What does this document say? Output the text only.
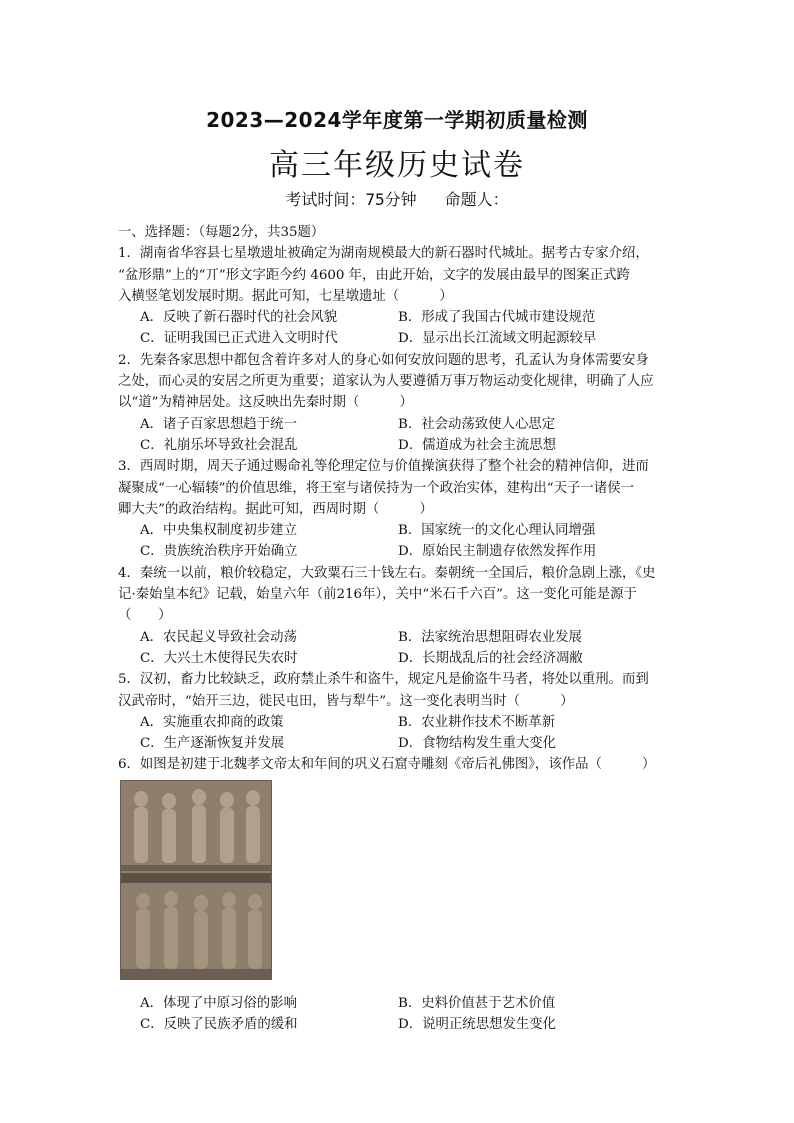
2023—2024学年度第一学期初质量检测
高三年级历史试卷
考试时间：75分钟 命题人：
一、选择题：（每题2分，共35题）
1．湖南省华容县七星墩遗址被确定为湖南规模最大的新石器时代城址。据考古专家介绍，
“盆形鼎”上的“丌”形文字距今约 4600 年，由此开始，文字的发展由最早的图案正式跨
入横竖笔划发展时期。据此可知，七星墩遗址（　　　）
A．反映了新石器时代的社会风貌	B．形成了我国古代城市建设规范
C．证明我国已正式进入文明时代	D．显示出长江流域文明起源较早
2．先秦各家思想中都包含着许多对人的身心如何安放问题的思考，孔孟认为身体需要安身
之处，而心灵的安居之所更为重要；道家认为人要遵循万事万物运动变化规律，明确了人应
以“道”为精神居处。这反映出先秦时期（　　　）
A．诸子百家思想趋于统一	B．社会动荡致使人心思定
C．礼崩乐坏导致社会混乱	D．儒道成为社会主流思想
3．西周时期，周天子通过赐命礼等伦理定位与价值操演获得了整个社会的精神信仰，进而
凝聚成“一心辐辏”的价值思维，将王室与诸侯持为一个政治实体，建构出“天子一诸侯一
卿大夫”的政治结构。据此可知，西周时期（　　　）
A．中央集权制度初步建立	B．国家统一的文化心理认同增强
C．贵族统治秩序开始确立	D．原始民主制遗存依然发挥作用
4．秦统一以前，粮价较稳定，大致粟石三十钱左右。秦朝统一全国后，粮价急剧上涨，《史
记·秦始皇本纪》记载，始皇六年（前216年），关中“米石千六百”。这一变化可能是源于
（　　）
A．农民起义导致社会动荡	B．法家统治思想阻碍农业发展
C．大兴土木使得民失农时	D．长期战乱后的社会经济凋敝
5．汉初，畜力比较缺乏，政府禁止杀牛和盗牛，规定凡是偷盗牛马者，将处以重刑。而到
汉武帝时，“始开三边，徙民屯田，皆与犁牛”。这一变化表明当时（　　　）
A．实施重农抑商的政策	B．农业耕作技术不断革新
C．生产逐渐恢复并发展	D．食物结构发生重大变化
6．如图是初建于北魏孝文帝太和年间的巩义石窟寺雕刻《帝后礼佛图》，该作品（　　　）
A．体现了中原习俗的影响	B．史料价值甚于艺术价值
C．反映了民族矛盾的缓和	D．说明正统思想发生变化
